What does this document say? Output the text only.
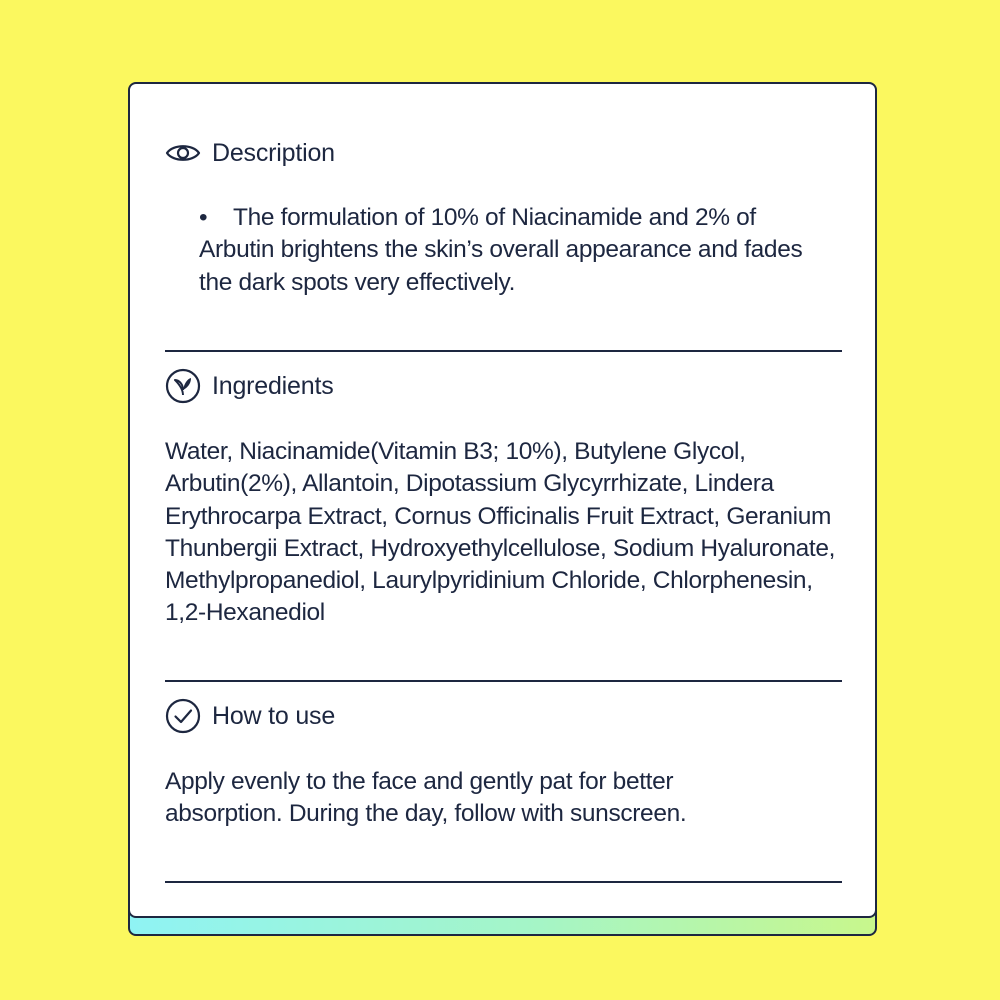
Description
• The formulation of 10% of Niacinamide and 2% of Arbutin brightens the skin’s overall appearance and fades the dark spots very effectively.
Ingredients
Water, Niacinamide(Vitamin B3; 10%), Butylene Glycol, Arbutin(2%), Allantoin, Dipotassium Glycyrrhizate, Lindera Erythrocarpa Extract, Cornus Officinalis Fruit Extract, Geranium Thunbergii Extract, Hydroxyethylcellulose, Sodium Hyaluronate, Methylpropanediol, Laurylpyridinium Chloride, Chlorphenesin, 1,2-Hexanediol
How to use
Apply evenly to the face and gently pat for better absorption. During the day, follow with sunscreen.
